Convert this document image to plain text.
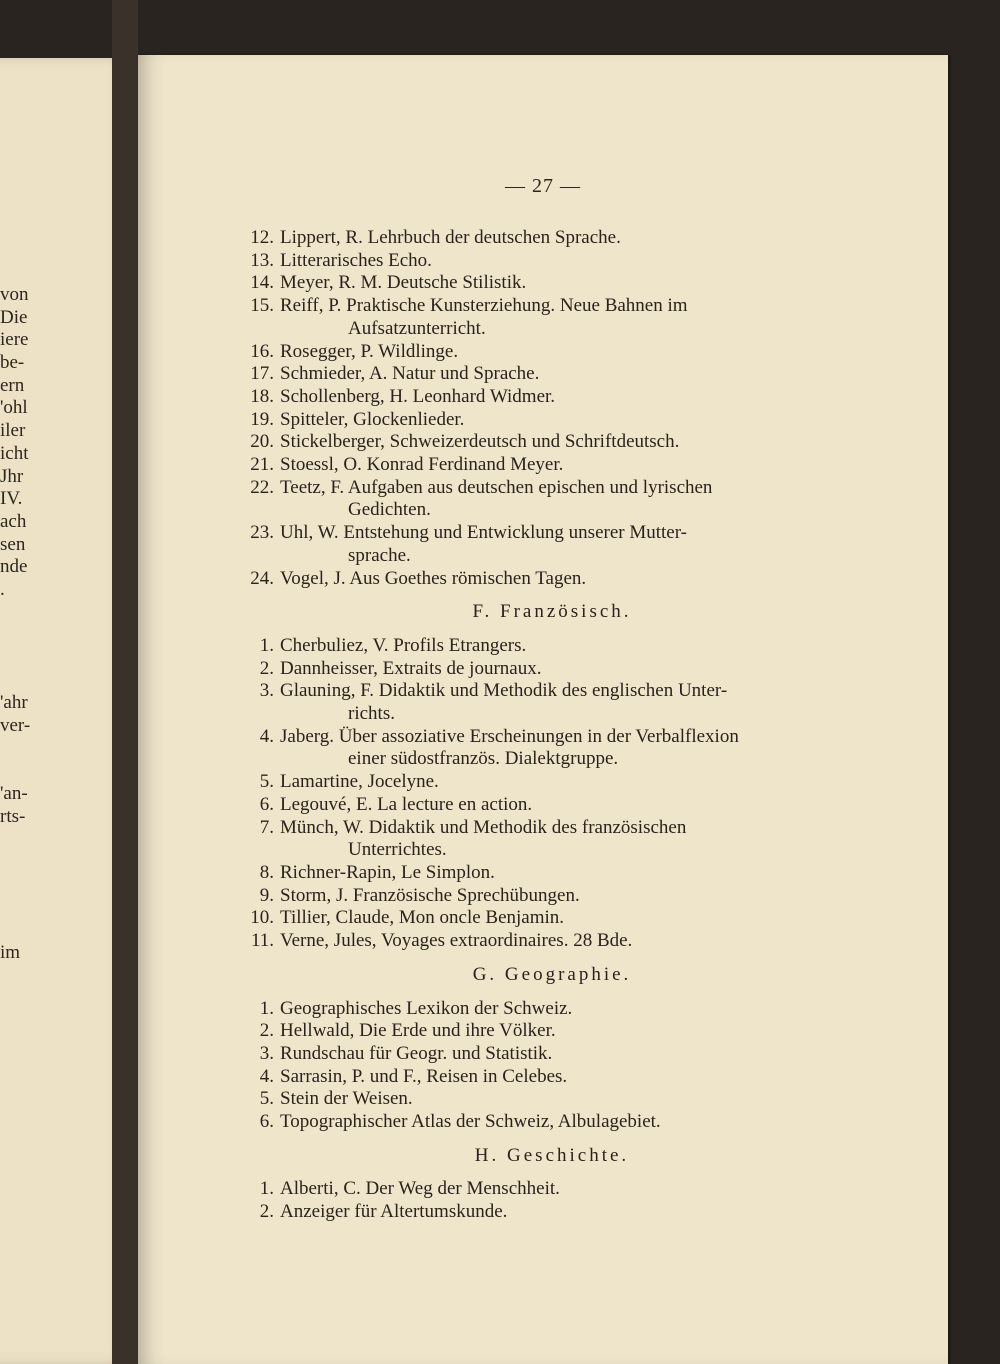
von
Die
iere
be-
ern
'ohl
iler
icht
Jhr
IV.
ach
sen
nde
.
'ahr
ver-
'an-
rts-
im
— 27 —
12. Lippert, R. Lehrbuch der deutschen Sprache.
13. Litterarisches Echo.
14. Meyer, R. M. Deutsche Stilistik.
15. Reiff, P. Praktische Kunsterziehung. Neue Bahnen im
Aufsatzunterricht.
16. Rosegger, P. Wildlinge.
17. Schmieder, A. Natur und Sprache.
18. Schollenberg, H. Leonhard Widmer.
19. Spitteler, Glockenlieder.
20. Stickelberger, Schweizerdeutsch und Schriftdeutsch.
21. Stoessl, O. Konrad Ferdinand Meyer.
22. Teetz, F. Aufgaben aus deutschen epischen und lyrischen
Gedichten.
23. Uhl, W. Entstehung und Entwicklung unserer Mutter-
sprache.
24. Vogel, J. Aus Goethes römischen Tagen.
F. Französisch.
1. Cherbuliez, V. Profils Etrangers.
2. Dannheisser, Extraits de journaux.
3. Glauning, F. Didaktik und Methodik des englischen Unter-
richts.
4. Jaberg. Über assoziative Erscheinungen in der Verbalflexion
einer südostfranzös. Dialektgruppe.
5. Lamartine, Jocelyne.
6. Legouvé, E. La lecture en action.
7. Münch, W. Didaktik und Methodik des französischen
Unterrichtes.
8. Richner-Rapin, Le Simplon.
9. Storm, J. Französische Sprechübungen.
10. Tillier, Claude, Mon oncle Benjamin.
11. Verne, Jules, Voyages extraordinaires. 28 Bde.
G. Geographie.
1. Geographisches Lexikon der Schweiz.
2. Hellwald, Die Erde und ihre Völker.
3. Rundschau für Geogr. und Statistik.
4. Sarrasin, P. und F., Reisen in Celebes.
5. Stein der Weisen.
6. Topographischer Atlas der Schweiz, Albulagebiet.
H. Geschichte.
1. Alberti, C. Der Weg der Menschheit.
2. Anzeiger für Altertumskunde.
